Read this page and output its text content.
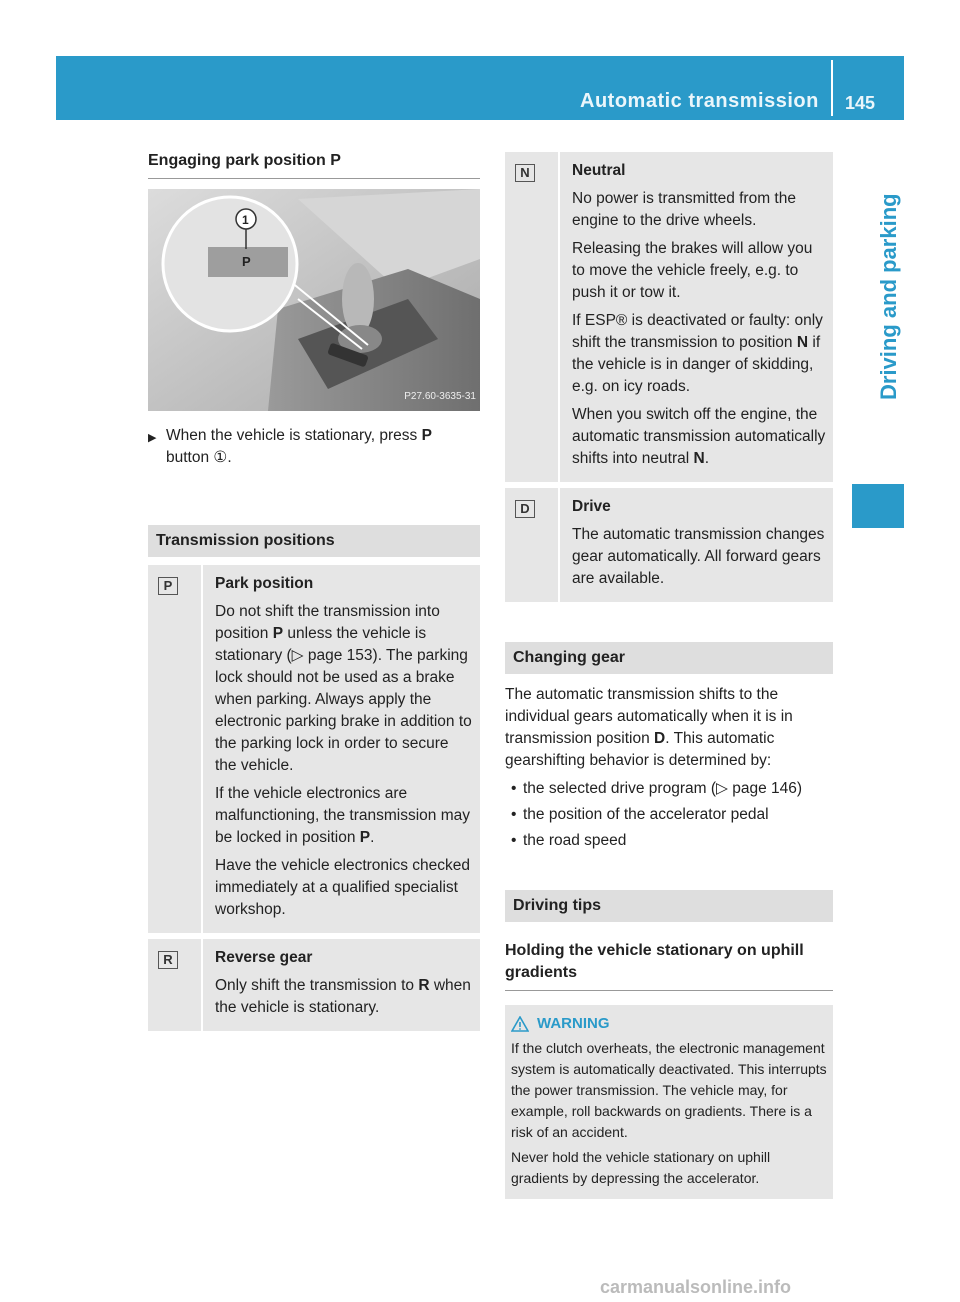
Automatic transmission 145
Driving and parking
Engaging park position P
1
P
P27.60-3635-31
▶ When the vehicle is stationary, press P
button ①.
Transmission positions
P	Park position
Do not shift the transmission into position P unless the vehicle is stationary (▷ page 153). The parking lock should not be used as a brake when parking. Always apply the electronic parking brake in addition to the parking lock in order to secure the vehicle.
If the vehicle electronics are malfunctioning, the transmission may be locked in position P.
Have the vehicle electronics checked immediately at a qualified specialist workshop.
R	Reverse gear
Only shift the transmission to R when the vehicle is stationary.
N	Neutral
No power is transmitted from the engine to the drive wheels.
Releasing the brakes will allow you to move the vehicle freely, e.g. to push it or tow it.
If ESP® is deactivated or faulty: only shift the transmission to position N if the vehicle is in danger of skidding, e.g. on icy roads.
When you switch off the engine, the automatic transmission automatically shifts into neutral N.
D	Drive
The automatic transmission changes gear automatically. All forward gears are available.
Changing gear
The automatic transmission shifts to the individual gears automatically when it is in transmission position D. This automatic gearshifting behavior is determined by:
• the selected drive program (▷ page 146)
• the position of the accelerator pedal
• the road speed
Driving tips
Holding the vehicle stationary on uphill gradients
WARNING
If the clutch overheats, the electronic management system is automatically deactivated. This interrupts the power transmission. The vehicle may, for example, roll backwards on gradients. There is a risk of an accident.
Never hold the vehicle stationary on uphill gradients by depressing the accelerator.
carmanualsonline.info
